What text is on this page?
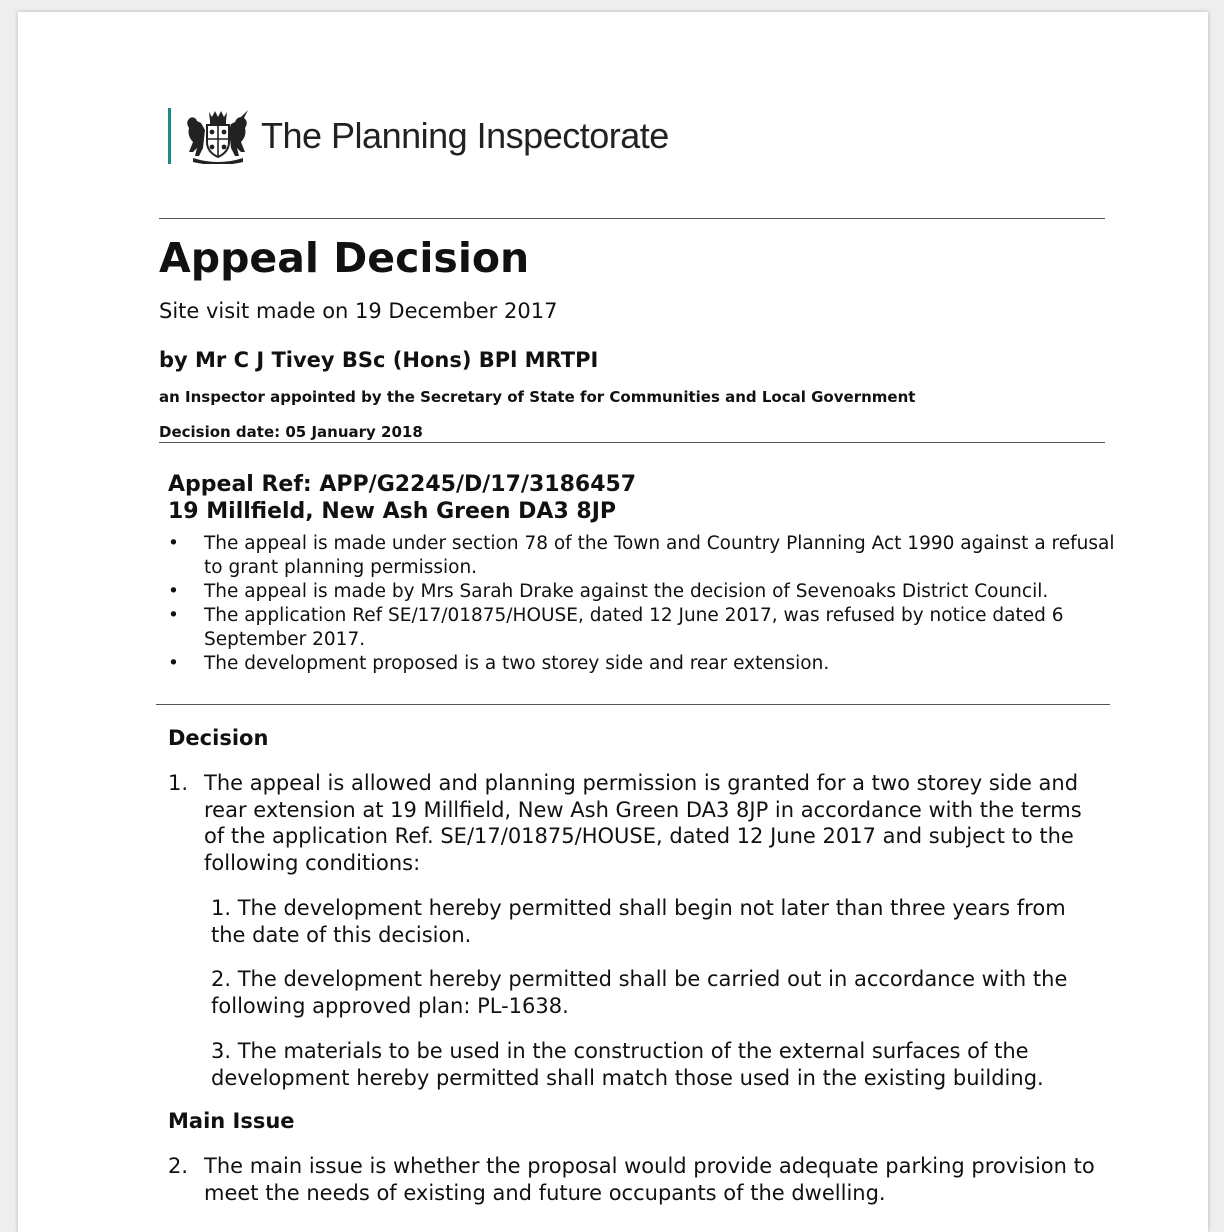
The Planning Inspectorate
Appeal Decision
Site visit made on 19 December 2017
by Mr C J Tivey BSc (Hons) BPl MRTPI
an Inspector appointed by the Secretary of State for Communities and Local Government
Decision date: 05 January 2018
Appeal Ref: APP/G2245/D/17/3186457
19 Millfield, New Ash Green DA3 8JP
• The appeal is made under section 78 of the Town and Country Planning Act 1990 against a refusal to grant planning permission.
• The appeal is made by Mrs Sarah Drake against the decision of Sevenoaks District Council.
• The application Ref SE/17/01875/HOUSE, dated 12 June 2017, was refused by notice dated 6 September 2017.
• The development proposed is a two storey side and rear extension.
Decision
1. The appeal is allowed and planning permission is granted for a two storey side and rear extension at 19 Millfield, New Ash Green DA3 8JP in accordance with the terms of the application Ref. SE/17/01875/HOUSE, dated 12 June 2017 and subject to the following conditions:
1. The development hereby permitted shall begin not later than three years from the date of this decision.
2. The development hereby permitted shall be carried out in accordance with the following approved plan: PL-1638.
3. The materials to be used in the construction of the external surfaces of the development hereby permitted shall match those used in the existing building.
Main Issue
2. The main issue is whether the proposal would provide adequate parking provision to meet the needs of existing and future occupants of the dwelling.
